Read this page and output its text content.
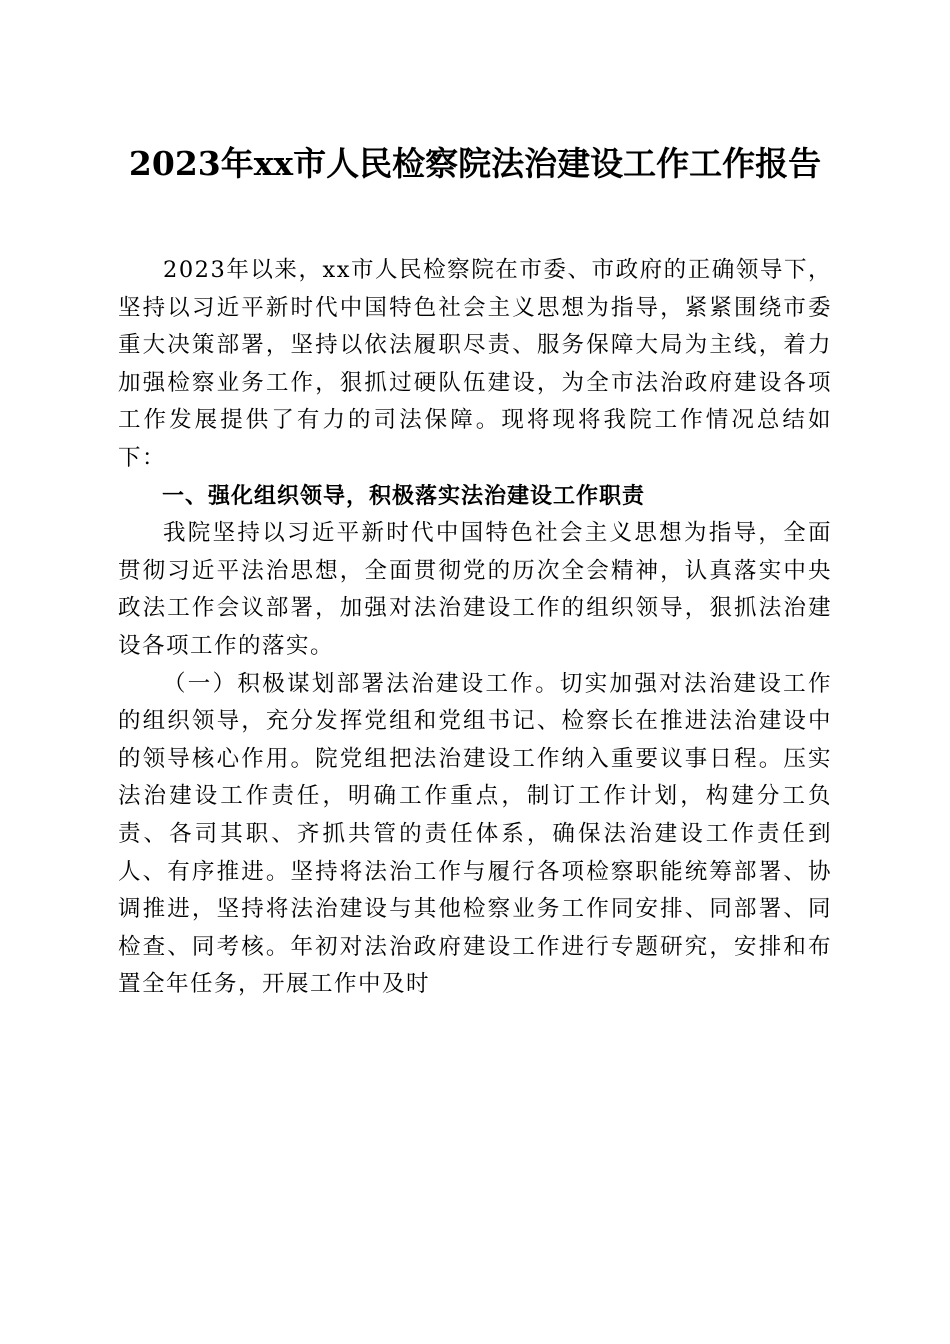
2023年xx市人民检察院法治建设工作工作报告

2023年以来，xx市人民检察院在市委、市政府的正确领导下，坚持以习近平新时代中国特色社会主义思想为指导，紧紧围绕市委重大决策部署，坚持以依法履职尽责、服务保障大局为主线，着力加强检察业务工作，狠抓过硬队伍建设，为全市法治政府建设各项工作发展提供了有力的司法保障。现将现将我院工作情况总结如下：

一、强化组织领导，积极落实法治建设工作职责

我院坚持以习近平新时代中国特色社会主义思想为指导，全面贯彻习近平法治思想，全面贯彻党的历次全会精神，认真落实中央政法工作会议部署，加强对法治建设工作的组织领导，狠抓法治建设各项工作的落实。

（一）积极谋划部署法治建设工作。切实加强对法治建设工作的组织领导，充分发挥党组和党组书记、检察长在推进法治建设中的领导核心作用。院党组把法治建设工作纳入重要议事日程。压实法治建设工作责任，明确工作重点，制订工作计划，构建分工负责、各司其职、齐抓共管的责任体系，确保法治建设工作责任到人、有序推进。坚持将法治工作与履行各项检察职能统筹部署、协调推进，坚持将法治建设与其他检察业务工作同安排、同部署、同检查、同考核。年初对法治政府建设工作进行专题研究，安排和布置全年任务，开展工作中及时
